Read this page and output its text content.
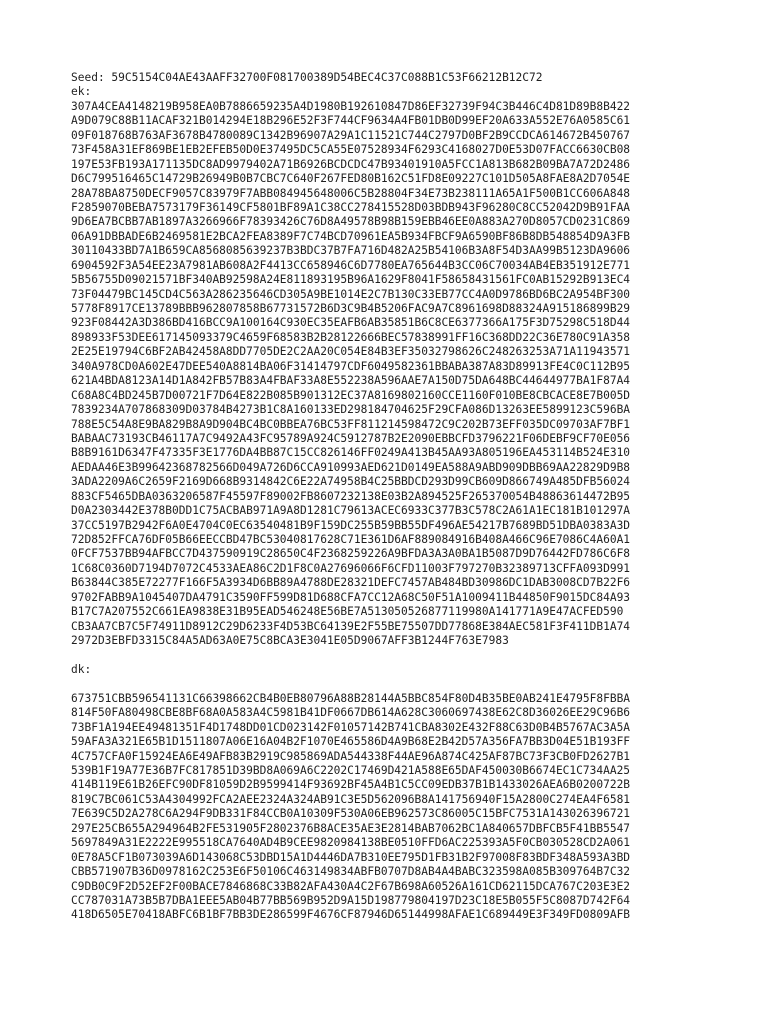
Seed: 59C5154C04AE43AAFF32700F081700389D54BEC4C37C088B1C53F66212B12C72
ek:
307A4CEA4148219B958EA0B7886659235A4D1980B192610847D86EF32739F94C3B446C4D81D89B8B422
A9D079C88B11ACAF321B014294E18B296E52F3F744CF9634A4FB01DB0D99EF20A633A552E76A0585C61
09F018768B763AF3678B4780089C1342B96907A29A1C11521C744C2797D0BF2B9CCDCA614672B450767
73F458A31EF869BE1EB2EFEB50D0E37495DC5CA55E07528934F6293C4168027D0E53D07FACC6630CB08
197E53FB193A171135DC8AD9979402A71B6926BCDCDC47B93401910A5FCC1A813B682B09BA7A72D2486
D6C799516465C14729B26949B0B7CBC7C640F267FED80B162C51FD8E09227C101D505A8FAE8A2D7054E
28A78BA8750DECF9057C83979F7ABB084945648006C5B28804F34E73B238111A65A1F500B1CC606A848
F2859070BEBA7573179F36149CF5801BF89A1C38CC278415528D03BDB943F96280C8CC52042D9B91FAA
9D6EA7BCBB7AB1897A3266966F78393426C76D8A49578B98B159EBB46EE0A883A270D8057CD0231C869
06A91DBBADE6B2469581E2BCA2FEA8389F7C74BCD70961EA5B934FBCF9A6590BF86B8DB548854D9A3FB
30110433BD7A1B659CA8568085639237B3BDC37B7FA716D482A25B54106B3A8F54D3AA99B5123DA9606
6904592F3A54EE23A7981AB608A2F4413CC658946C6D7780EA765644B3CC06C70034AB4EB351912E771
5B56755D09021571BF340AB92598A24E811893195B96A1629F8041F58658431561FC0AB15292B913EC4
73F04479BC145CD4C563A286235646CD305A9BE1014E2C7B130C33EB77CC4A0D9786BD6BC2A954BF300
5778F8917CE13789BBB962807858B67731572B6D3C9B4B5206FAC9A7C8961698D88324A915186899B29
923F08442A3D386BD416BCC9A100164C930EC35EAFB6AB35851B6C8CE6377366A175F3D75298C518D44
898933F53DEE617145093379C4659F68583B2B28122666BEC57838991FF16C368DD22C36E780C91A358
2E25E19794C6BF2AB42458A8DD7705DE2C2AA20C054E84B3EF35032798626C248263253A71A11943571
340A978CD0A602E47DEE540A8814BA06F31414797CDF6049582361BBABA387A83D89913FE4C0C112B95
621A4BDA8123A14D1A842FB57B83A4FBAF33A8E552238A596AAE7A150D75DA648BC44644977BA1F87A4
C68A8C4BD245B7D00721F7D64E822B085B901312EC37A8169802160CCE1160F010BE8CBCACE8E7B005D
7839234A707868309D03784B4273B1C8A160133ED298184704625F29CFA086D13263EE5899123C596BA
788E5C54A8E9BA829B8A9D904BC4BC0BBEA76BC53FF811214598472C9C202B73EFF035DC09703AF7BF1
BABAAC73193CB46117A7C9492A43FC95789A924C5912787B2E2090EBBCFD3796221F06DEBF9CF70E056
B8B9161D6347F47335F3E1776DA4BB87C15CC826146FF0249A413B45AA93A805196EA453114B524E310
AEDAA46E3B99642368782566D049A726D6CCA910993AED621D0149EA588A9ABD909DBB69AA22829D9B8
3ADA2209A6C2659F2169D668B9314842C6E22A74958B4C25BBDCD293D99CB609D866749A485DFB56024
883CF5465DBA0363206587F45597F89002FB8607232138E03B2A894525F265370054B48863614472B95
D0A2303442E378B0DD1C75ACBAB971A9A8D1281C79613ACEC6933C377B3C578C2A61A1EC181B101297A
37CC5197B2942F6A0E4704C0EC63540481B9F159DC255B59BB55DF496AE54217B7689BD51DBA0383A3D
72D852FFCA76DF05B66EECCBD47BC53040817628C71E361D6AF889084916B408A466C96E7086C4A60A1
0FCF7537BB94AFBCC7D437590919C28650C4F2368259226A9BFDA3A3A0BA1B5087D9D76442FD786C6F8
1C68C0360D7194D7072C4533AEA86C2D1F8C0A27696066F6CFD11003F797270B32389713CFFA093D991
B63844C385E72277F166F5A3934D6BB89A4788DE28321DEFC7457AB484BD30986DC1DAB3008CD7B22F6
9702FABB9A1045407DA4791C3590FF599D81D688CFA7CC12A68C50F51A1009411B44850F9015DC84A93
B17C7A207552C661EA9838E31B95EAD546248E56BE7A513050526877119980A141771A9E47ACFED590
CB3AA7CB7C5F74911D8912C29D6233F4D53BC64139E2F55BE75507DD77868E384AEC581F3F411DB1A74
2972D3EBFD3315C84A5AD63A0E75C8BCA3E3041E05D9067AFF3B1244F763E7983
dk:
673751CBB596541131C66398662CB4B0EB80796A88B28144A5BBC854F80D4B35BE0AB241E4795F8FBBA
814F50FA80498CBE8BF68A0A583A4C5981B41DF0667DB614A628C3060697438E62C8D36026EE29C96B6
73BF1A194EE49481351F4D1748DD01CD023142F01057142B741CBA8302E432F88C63D0B4B5767AC3A5A
59AFA3A321E65B1D1511807A06E16A04B2F1070E465586D4A9B68E2B42D57A356FA7BB3D04E51B193FF
4C757CFA0F15924EA6E49AFB83B2919C985869ADA544338F44AE96A874C425AF87BC73F3CB0FD2627B1
539B1F19A77E36B7FC817851D39BD8A069A6C2202C17469D421A588E65DAF450030B6674EC1C734AA25
414B119E61B26EFC90DF81059D2B9599414F93692BF45A4B1C5CC09EDB37B1B1433026AEA6B0200722B
819C7BC061C53A4304992FCA2AEE2324A324AB91C3E5D562096B8A141756940F15A2800C274EA4F6581
7E639C5D2A278C6A294F9DB331F84CCB0A10309F530A06EB962573C86005C15BFC7531A143026396721
297E25CB655A294964B2FE531905F2802376B8ACE35AE3E2814BAB7062BC1A840657DBFCB5F41BB5547
5697849A31E2222E995518CA7640AD4B9CEE9820984138BE0510FFD6AC225393A5F0CB030528CD2A061
0E78A5CF1B073039A6D143068C53DBD15A1D4446DA7B310EE795D1FB31B2F97008F83BDF348A593A3BD
CBB571907B36D0978162C253E6F50106C463149834ABFB0707D8AB4A4BABC323598A085B309764B7C32
C9DB0C9F2D52EF2F00BACE7846868C33B82AFA430A4C2F67B698A60526A161CD62115DCA767C203E3E2
CC787031A73B5B7DBA1EEE5AB04B77BB569B952D9A15D198779804197D23C18E5B055F5C8087D742F64
418D6505E70418ABFC6B1BF7BB3DE286599F4676CF87946D65144998AFAE1C689449E3F349FD0809AFB
